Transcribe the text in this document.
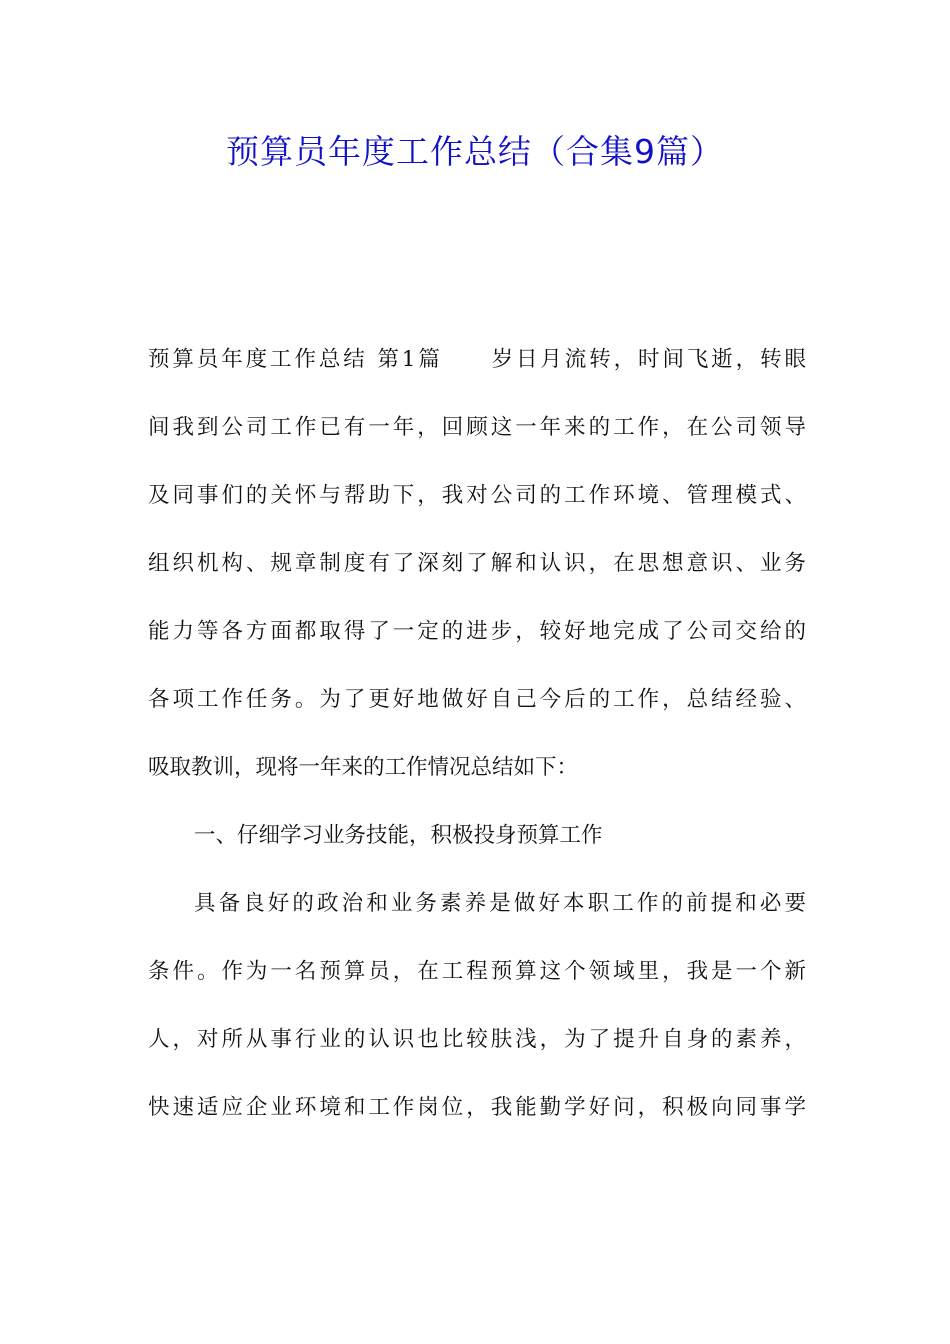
预算员年度工作总结（合集9篇）
预算员年度工作总结 第1篇　　岁日月流转，时间飞逝，转眼
间我到公司工作已有一年，回顾这一年来的工作，在公司领导
及同事们的关怀与帮助下，我对公司的工作环境、管理模式、
组织机构、规章制度有了深刻了解和认识，在思想意识、业务
能力等各方面都取得了一定的进步，较好地完成了公司交给的
各项工作任务。为了更好地做好自己今后的工作，总结经验、
吸取教训，现将一年来的工作情况总结如下：
一、仔细学习业务技能，积极投身预算工作
具备良好的政治和业务素养是做好本职工作的前提和必要
条件。作为一名预算员，在工程预算这个领域里，我是一个新
人，对所从事行业的认识也比较肤浅，为了提升自身的素养，
快速适应企业环境和工作岗位，我能勤学好问，积极向同事学
